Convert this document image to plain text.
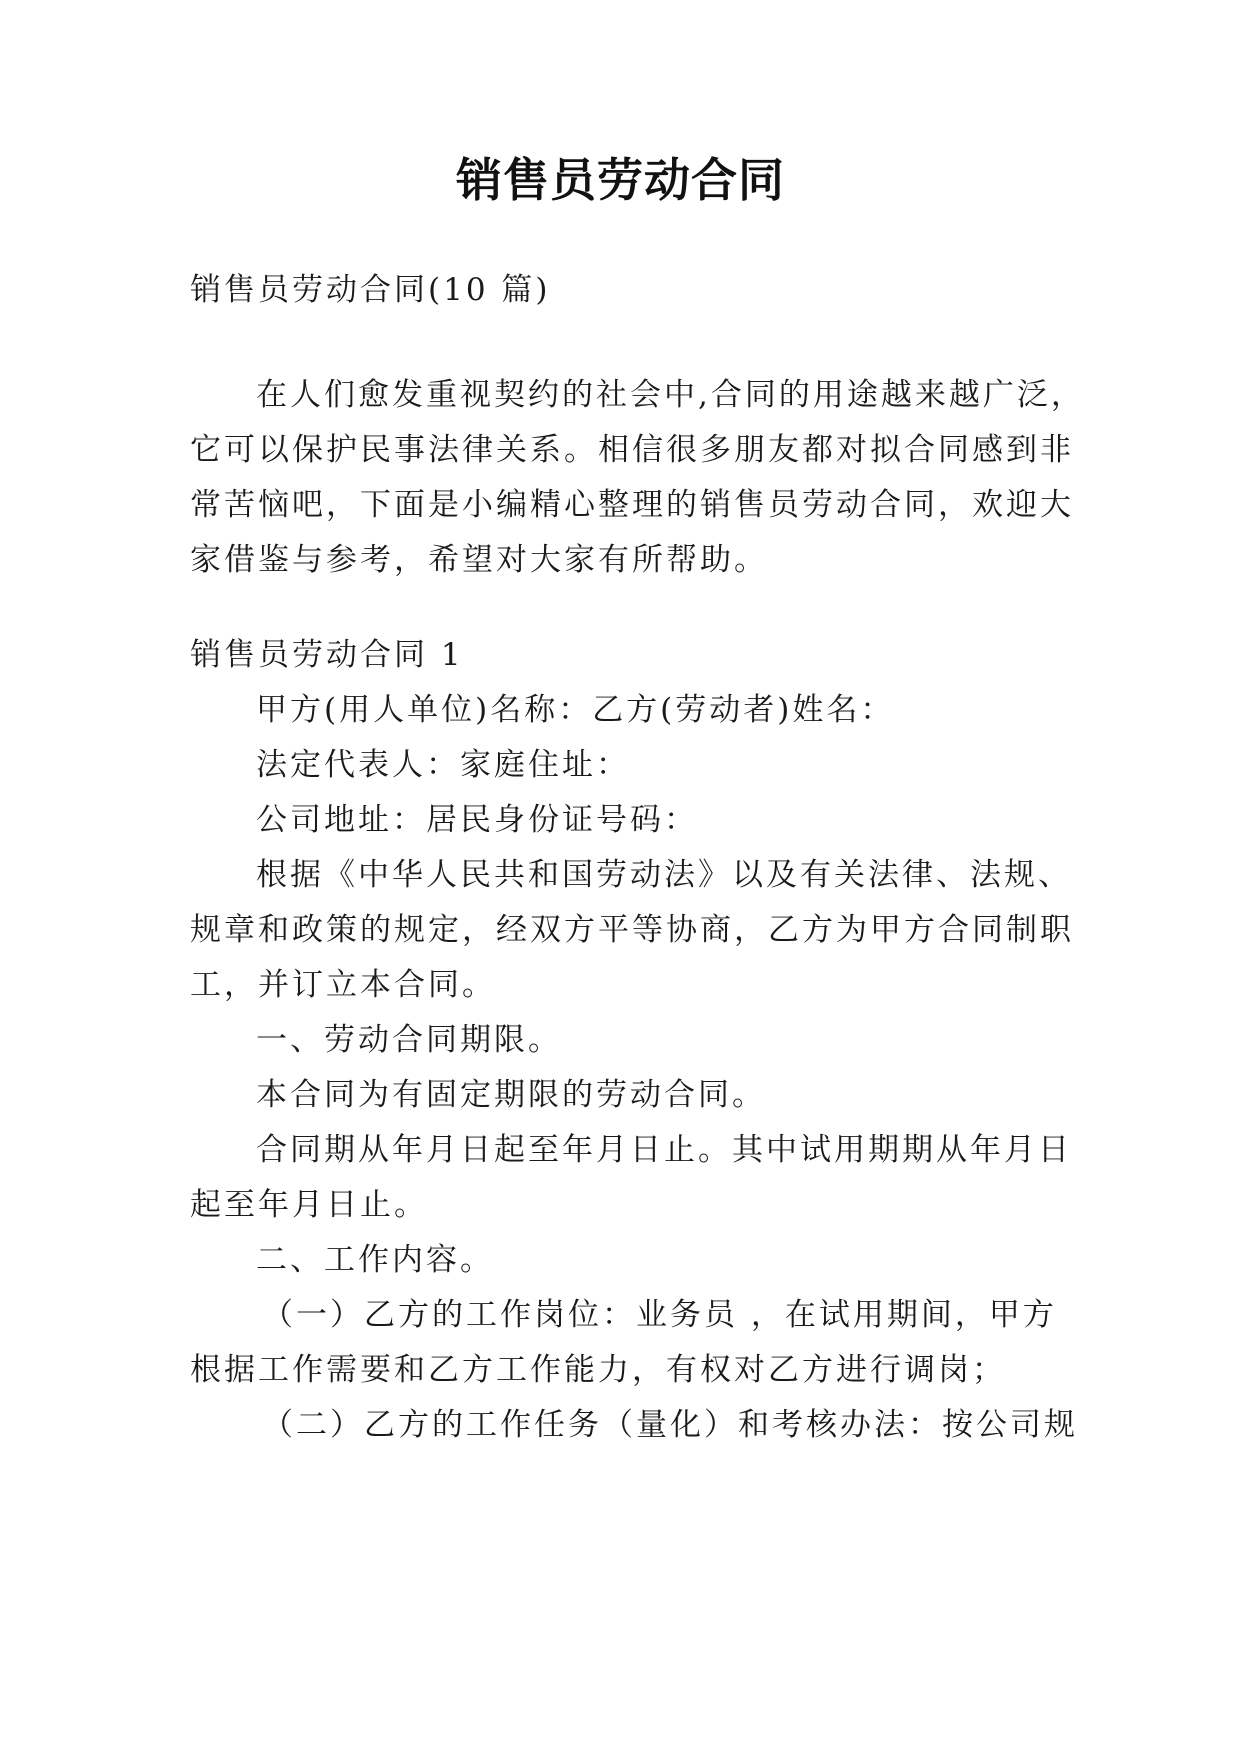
销售员劳动合同

销售员劳动合同(10 篇)

在人们愈发重视契约的社会中,合同的用途越来越广泛，

它可以保护民事法律关系。相信很多朋友都对拟合同感到非

常苦恼吧，下面是小编精心整理的销售员劳动合同，欢迎大

家借鉴与参考，希望对大家有所帮助。

销售员劳动合同 1

甲方(用人单位)名称：乙方(劳动者)姓名：

法定代表人：家庭住址：

公司地址：居民身份证号码：

根据《中华人民共和国劳动法》以及有关法律、法规、

规章和政策的规定，经双方平等协商，乙方为甲方合同制职

工，并订立本合同。

一、劳动合同期限。

本合同为有固定期限的劳动合同。

合同期从年月日起至年月日止。其中试用期期从年月日

起至年月日止。

二、工作内容。

（一）乙方的工作岗位：业务员 ，在试用期间，甲方

根据工作需要和乙方工作能力，有权对乙方进行调岗；

（二）乙方的工作任务（量化）和考核办法：按公司规
